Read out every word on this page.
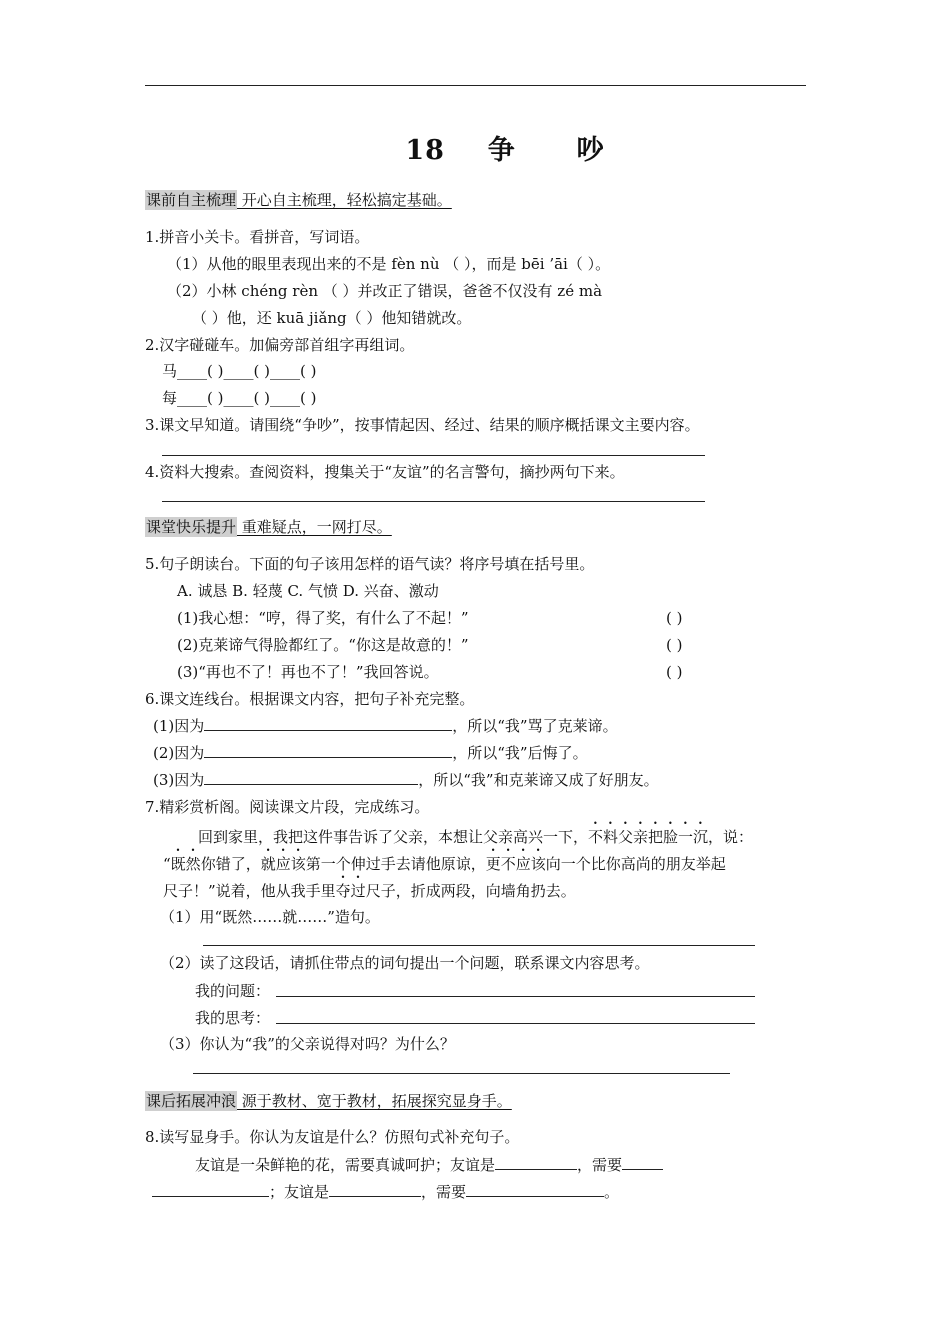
18 争 吵
课前自主梳理 开心自主梳理，轻松搞定基础。
1.拼音小关卡。看拼音，写词语。
（1）从他的眼里表现出来的不是 fèn nù （ ），而是 bēi ’āi（ ）。
（2）小林 chéng rèn （ ）并改正了错误，爸爸不仅没有 zé mà
（ ）他，还 kuā jiǎng（ ）他知错就改。
2.汉字碰碰车。加偏旁部首组字再组词。
马____( )____( )____( )
每____( )____( )____( )
3.课文早知道。请围绕“争吵”，按事情起因、经过、结果的顺序概括课文主要内容。
4.资料大搜索。查阅资料，搜集关于“友谊”的名言警句，摘抄两句下来。
课堂快乐提升 重难疑点，一网打尽。
5.句子朗读台。下面的句子该用怎样的语气读？将序号填在括号里。
A. 诚恳 B. 轻蔑 C. 气愤 D. 兴奋、激动
(1)我心想：“哼，得了奖，有什么了不起！”	( )
(2)克莱谛气得脸都红了。“你这是故意的！”	( )
(3)“再也不了！再也不了！”我回答说。	( )
6.课文连线台。根据课文内容，把句子补充完整。
(1)因为	，所以“我”骂了克莱谛。
(2)因为	，所以“我”后悔了。
(3)因为	，所以“我”和克莱谛又成了好朋友。
7.精彩赏析阁。阅读课文片段，完成练习。
回到家里，我把这件事告诉了父亲，本想让父亲高兴一下，不料父亲把脸一沉，说：
“既然你错了，就应该第一个伸过手去请他原谅，更不应该向一个比你高尚的朋友举起
尺子！”说着，他从我手里夺过尺子，折成两段，向墙角扔去。
（1）用“既然……就……”造句。
（2）读了这段话，请抓住带点的词句提出一个问题，联系课文内容思考。
我的问题：
我的思考：
（3）你认为“我”的父亲说得对吗？为什么？
课后拓展冲浪 源于教材、宽于教材，拓展探究显身手。
8.读写显身手。你认为友谊是什么？仿照句式补充句子。
友谊是一朵鲜艳的花，需要真诚呵护；友谊是	，需要
；友谊是	，需要	。
